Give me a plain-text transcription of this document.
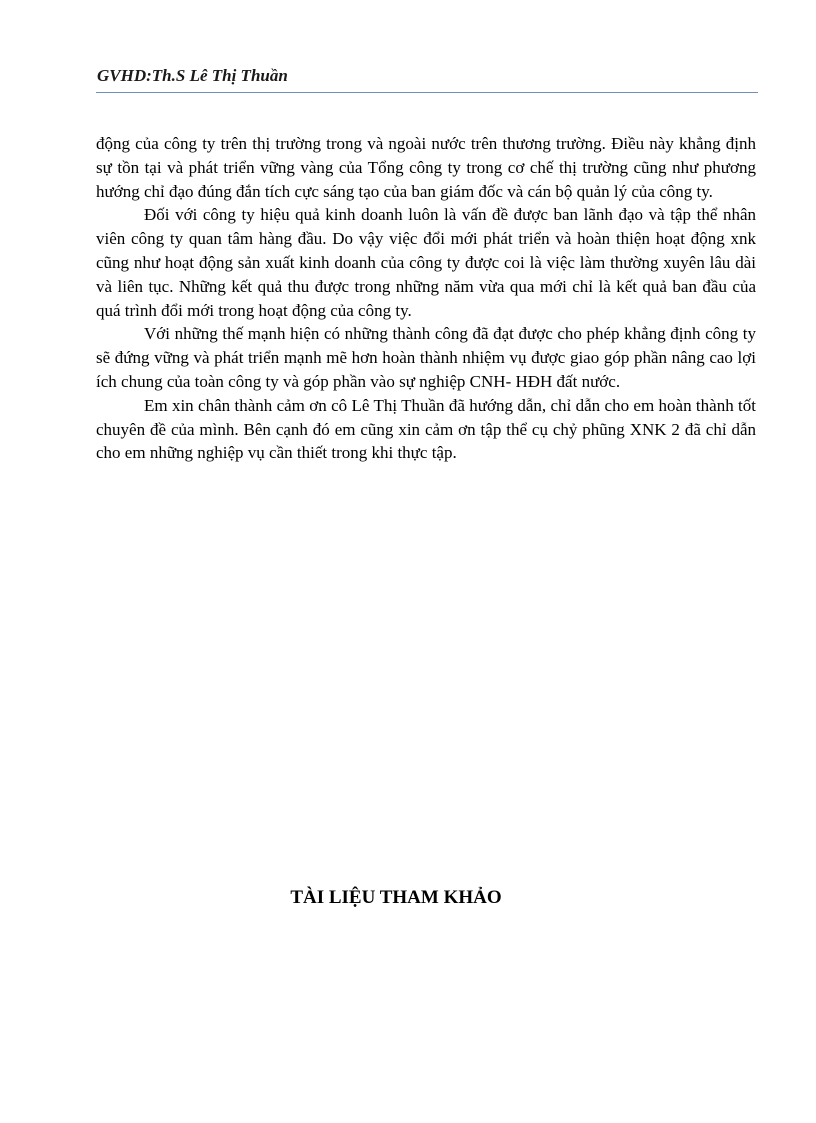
GVHD:Th.S Lê Thị Thuần

động của công ty trên thị trường trong và ngoài nước trên thương trường. Điều này khẳng định sự tồn tại và phát triển vững vàng của Tổng công ty trong cơ chế thị trường cũng như phương hướng chỉ đạo đúng đắn tích cực sáng tạo của ban giám đốc và cán bộ quản lý của công ty.

Đối với công ty hiệu quả kinh doanh luôn là vấn đề được ban lãnh đạo và tập thể nhân viên công ty quan tâm hàng đầu. Do vậy việc đổi mới phát triển và hoàn thiện hoạt động xnk cũng như hoạt động sản xuất kinh doanh của công ty được coi là việc làm thường xuyên lâu dài và liên tục. Những kết quả thu được trong những năm vừa qua mới chỉ là kết quả ban đầu của quá trình đổi mới trong hoạt động của công ty.

Với những thế mạnh hiện có những thành công đã đạt được cho phép khẳng định công ty sẽ đứng vững và phát triển mạnh mẽ hơn hoàn thành nhiệm vụ được giao góp phần nâng cao lợi ích chung của toàn công ty và góp phần vào sự nghiệp CNH- HĐH đất nước.

Em xin chân thành cảm ơn cô Lê Thị Thuần đã hướng dẫn, chỉ dẫn cho em hoàn thành tốt chuyên đề của mình. Bên cạnh đó em cũng xin cảm ơn tập thể cụ chỷ phũng XNK 2 đã chỉ dẫn cho em những nghiệp vụ cần thiết trong khi thực tập.

TÀI LIỆU THAM KHẢO
